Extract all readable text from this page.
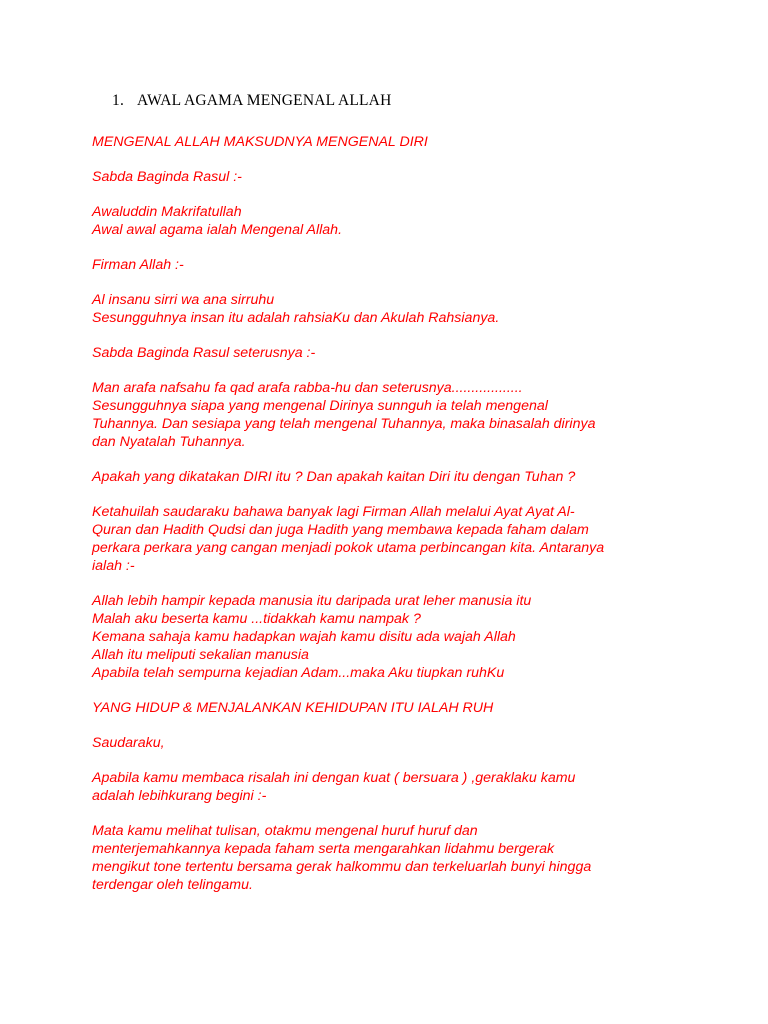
1. AWAL AGAMA MENGENAL ALLAH
MENGENAL ALLAH MAKSUDNYA MENGENAL DIRI
Sabda Baginda Rasul :-
Awaluddin Makrifatullah
Awal awal agama ialah Mengenal Allah.
Firman Allah :-
Al insanu sirri wa ana sirruhu
Sesungguhnya insan itu adalah rahsiaKu dan Akulah Rahsianya.
Sabda Baginda Rasul seterusnya :-
Man arafa nafsahu fa qad arafa rabba-hu dan seterusnya..................
Sesungguhnya siapa yang mengenal Dirinya sunnguh ia telah mengenal
Tuhannya. Dan sesiapa yang telah mengenal Tuhannya, maka binasalah dirinya
dan Nyatalah Tuhannya.
Apakah yang dikatakan DIRI itu ? Dan apakah kaitan Diri itu dengan Tuhan ?
Ketahuilah saudaraku bahawa banyak lagi Firman Allah melalui Ayat Ayat Al-
Quran dan Hadith Qudsi dan juga Hadith yang membawa kepada faham dalam
perkara perkara yang cangan menjadi pokok utama perbincangan kita. Antaranya
ialah :-
Allah lebih hampir kepada manusia itu daripada urat leher manusia itu
Malah aku beserta kamu ...tidakkah kamu nampak ?
Kemana sahaja kamu hadapkan wajah kamu disitu ada wajah Allah
Allah itu meliputi sekalian manusia
Apabila telah sempurna kejadian Adam...maka Aku tiupkan ruhKu
YANG HIDUP & MENJALANKAN KEHIDUPAN ITU IALAH RUH
Saudaraku,
Apabila kamu membaca risalah ini dengan kuat ( bersuara ) ,geraklaku kamu
adalah lebihkurang begini :-
Mata kamu melihat tulisan, otakmu mengenal huruf huruf dan
menterjemahkannya kepada faham serta mengarahkan lidahmu bergerak
mengikut tone tertentu bersama gerak halkommu dan terkeluarlah bunyi hingga
terdengar oleh telingamu.
